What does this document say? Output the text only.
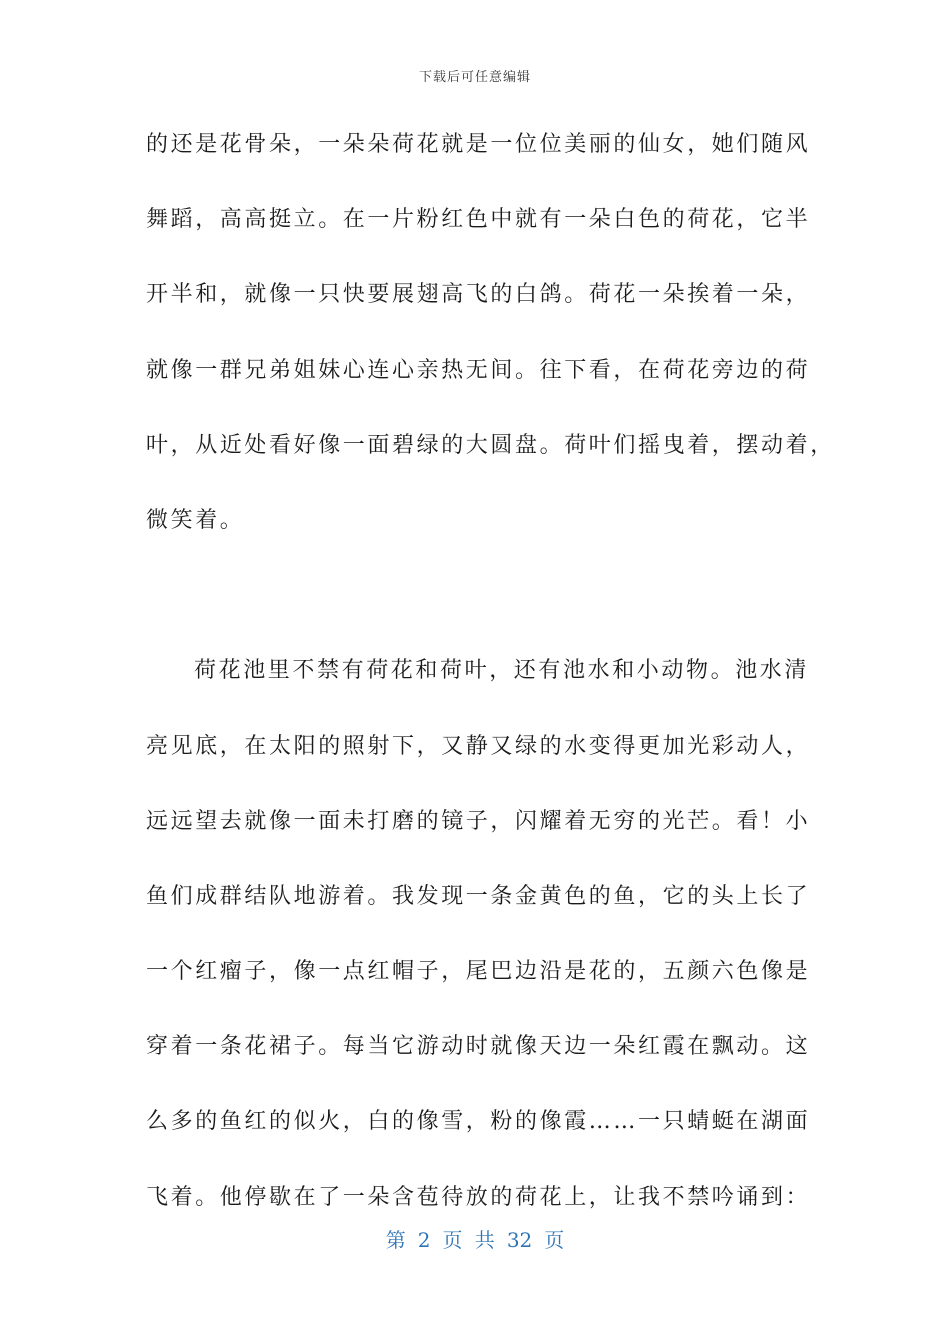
下载后可任意编辑
的还是花骨朵，一朵朵荷花就是一位位美丽的仙女，她们随风
舞蹈，高高挺立。在一片粉红色中就有一朵白色的荷花，它半
开半和，就像一只快要展翅高飞的白鸽。荷花一朵挨着一朵，
就像一群兄弟姐妹心连心亲热无间。往下看，在荷花旁边的荷
叶，从近处看好像一面碧绿的大圆盘。荷叶们摇曳着，摆动着，
微笑着。
荷花池里不禁有荷花和荷叶，还有池水和小动物。池水清
亮见底，在太阳的照射下，又静又绿的水变得更加光彩动人，
远远望去就像一面未打磨的镜子，闪耀着无穷的光芒。看！小
鱼们成群结队地游着。我发现一条金黄色的鱼，它的头上长了
一个红瘤子，像一点红帽子，尾巴边沿是花的，五颜六色像是
穿着一条花裙子。每当它游动时就像天边一朵红霞在飘动。这
么多的鱼红的似火，白的像雪，粉的像霞……一只蜻蜓在湖面
飞着。他停歇在了一朵含苞待放的荷花上，让我不禁吟诵到：
第 2 页 共 32 页
